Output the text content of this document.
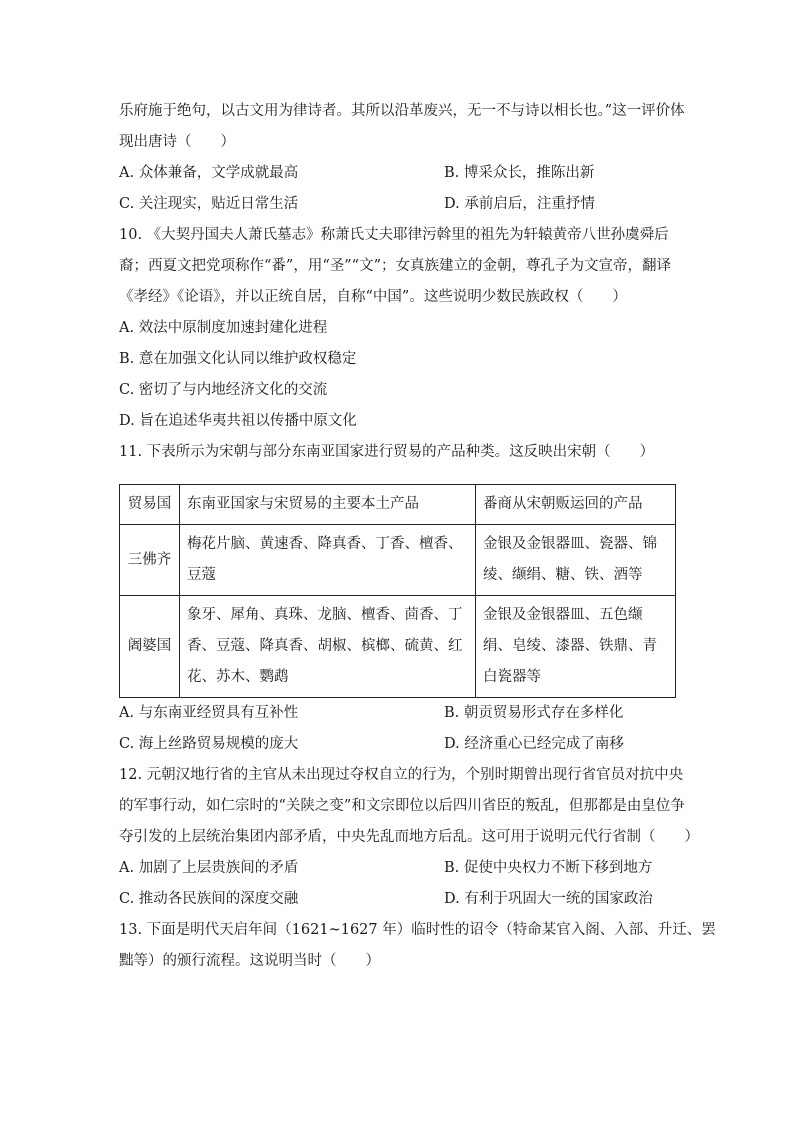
乐府施于绝句，以古文用为律诗者。其所以沿革废兴，无一不与诗以相长也。”这一评价体
现出唐诗（　　）
A. 众体兼备，文学成就最高	B. 博采众长，推陈出新
C. 关注现实，贴近日常生活	D. 承前启后，注重抒情
10. 《大契丹国夫人萧氏墓志》称萧氏丈夫耶律污斡里的祖先为轩辕黄帝八世孙虞舜后
裔；西夏文把党项称作“番”，用“圣”“文”；女真族建立的金朝，尊孔子为文宣帝，翻译
《孝经》《论语》，并以正统自居，自称“中国”。这些说明少数民族政权（　　）
A. 效法中原制度加速封建化进程
B. 意在加强文化认同以维护政权稳定
C. 密切了与内地经济文化的交流
D. 旨在追述华夷共祖以传播中原文化
11. 下表所示为宋朝与部分东南亚国家进行贸易的产品种类。这反映出宋朝（　　）
贸易国	东南亚国家与宋贸易的主要本土产品	番商从宋朝贩运回的产品
三佛齐	梅花片脑、黄速香、降真香、丁香、檀香、豆蔻	金银及金银器皿、瓷器、锦绫、缬绢、糖、铁、酒等
阇婆国	象牙、犀角、真珠、龙脑、檀香、茴香、丁香、豆蔻、降真香、胡椒、槟榔、硫黄、红花、苏木、鹦鹉	金银及金银器皿、五色缬绢、皂绫、漆器、铁鼎、青白瓷器等
A. 与东南亚经贸具有互补性	B. 朝贡贸易形式存在多样化
C. 海上丝路贸易规模的庞大	D. 经济重心已经完成了南移
12. 元朝汉地行省的主官从未出现过夺权自立的行为，个别时期曾出现行省官员对抗中央
的军事行动，如仁宗时的“关陕之变”和文宗即位以后四川省臣的叛乱，但那都是由皇位争
夺引发的上层统治集团内部矛盾，中央先乱而地方后乱。这可用于说明元代行省制（　　）
A. 加剧了上层贵族间的矛盾	B. 促使中央权力不断下移到地方
C. 推动各民族间的深度交融	D. 有利于巩固大一统的国家政治
13. 下面是明代天启年间（1621~1627 年）临时性的诏令（特命某官入阁、入部、升迁、罢
黜等）的颁行流程。这说明当时（　　）
